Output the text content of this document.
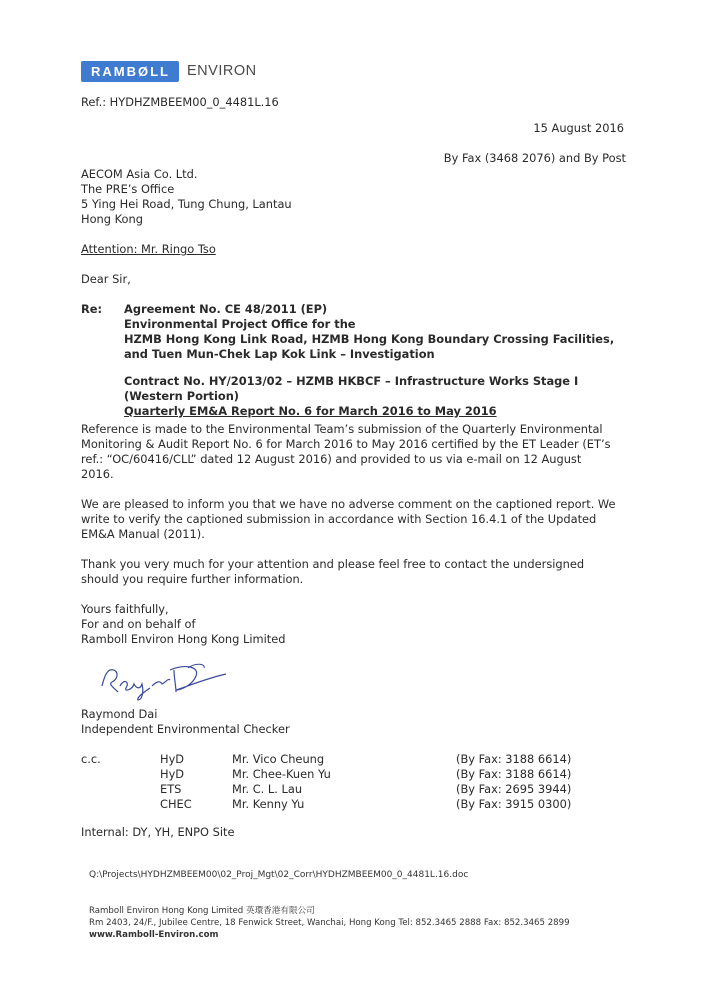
RAMBØLL	ENVIRON
Ref.: HYDHZMBEEM00_0_4481L.16
15 August 2016
By Fax (3468 2076) and By Post
AECOM Asia Co. Ltd.
The PRE’s Office
5 Ying Hei Road, Tung Chung, Lantau
Hong Kong
Attention: Mr. Ringo Tso
Dear Sir,
Re: Agreement No. CE 48/2011 (EP)
Environmental Project Office for the
HZMB Hong Kong Link Road, HZMB Hong Kong Boundary Crossing Facilities,
and Tuen Mun-Chek Lap Kok Link – Investigation
Contract No. HY/2013/02 – HZMB HKBCF – Infrastructure Works Stage I
(Western Portion)
Quarterly EM&A Report No. 6 for March 2016 to May 2016
Reference is made to the Environmental Team’s submission of the Quarterly Environmental
Monitoring & Audit Report No. 6 for March 2016 to May 2016 certified by the ET Leader (ET’s
ref.: “OC/60416/CLL” dated 12 August 2016) and provided to us via e-mail on 12 August
2016.
We are pleased to inform you that we have no adverse comment on the captioned report. We
write to verify the captioned submission in accordance with Section 16.4.1 of the Updated
EM&A Manual (2011).
Thank you very much for your attention and please feel free to contact the undersigned
should you require further information.
Yours faithfully,
For and on behalf of
Ramboll Environ Hong Kong Limited
Raymond Dai
Independent Environmental Checker
c.c.	HyD	Mr. Vico Cheung	(By Fax: 3188 6614)
HyD	Mr. Chee-Kuen Yu	(By Fax: 3188 6614)
ETS	Mr. C. L. Lau	(By Fax: 2695 3944)
CHEC	Mr. Kenny Yu	(By Fax: 3915 0300)
Internal: DY, YH, ENPO Site
Q:\Projects\HYDHZMBEEM00\02_Proj_Mgt\02_Corr\HYDHZMBEEM00_0_4481L.16.doc
Ramboll Environ Hong Kong Limited 英環香港有限公司
Rm 2403, 24/F., Jubilee Centre, 18 Fenwick Street, Wanchai, Hong Kong Tel: 852.3465 2888 Fax: 852.3465 2899
www.Ramboll-Environ.com
